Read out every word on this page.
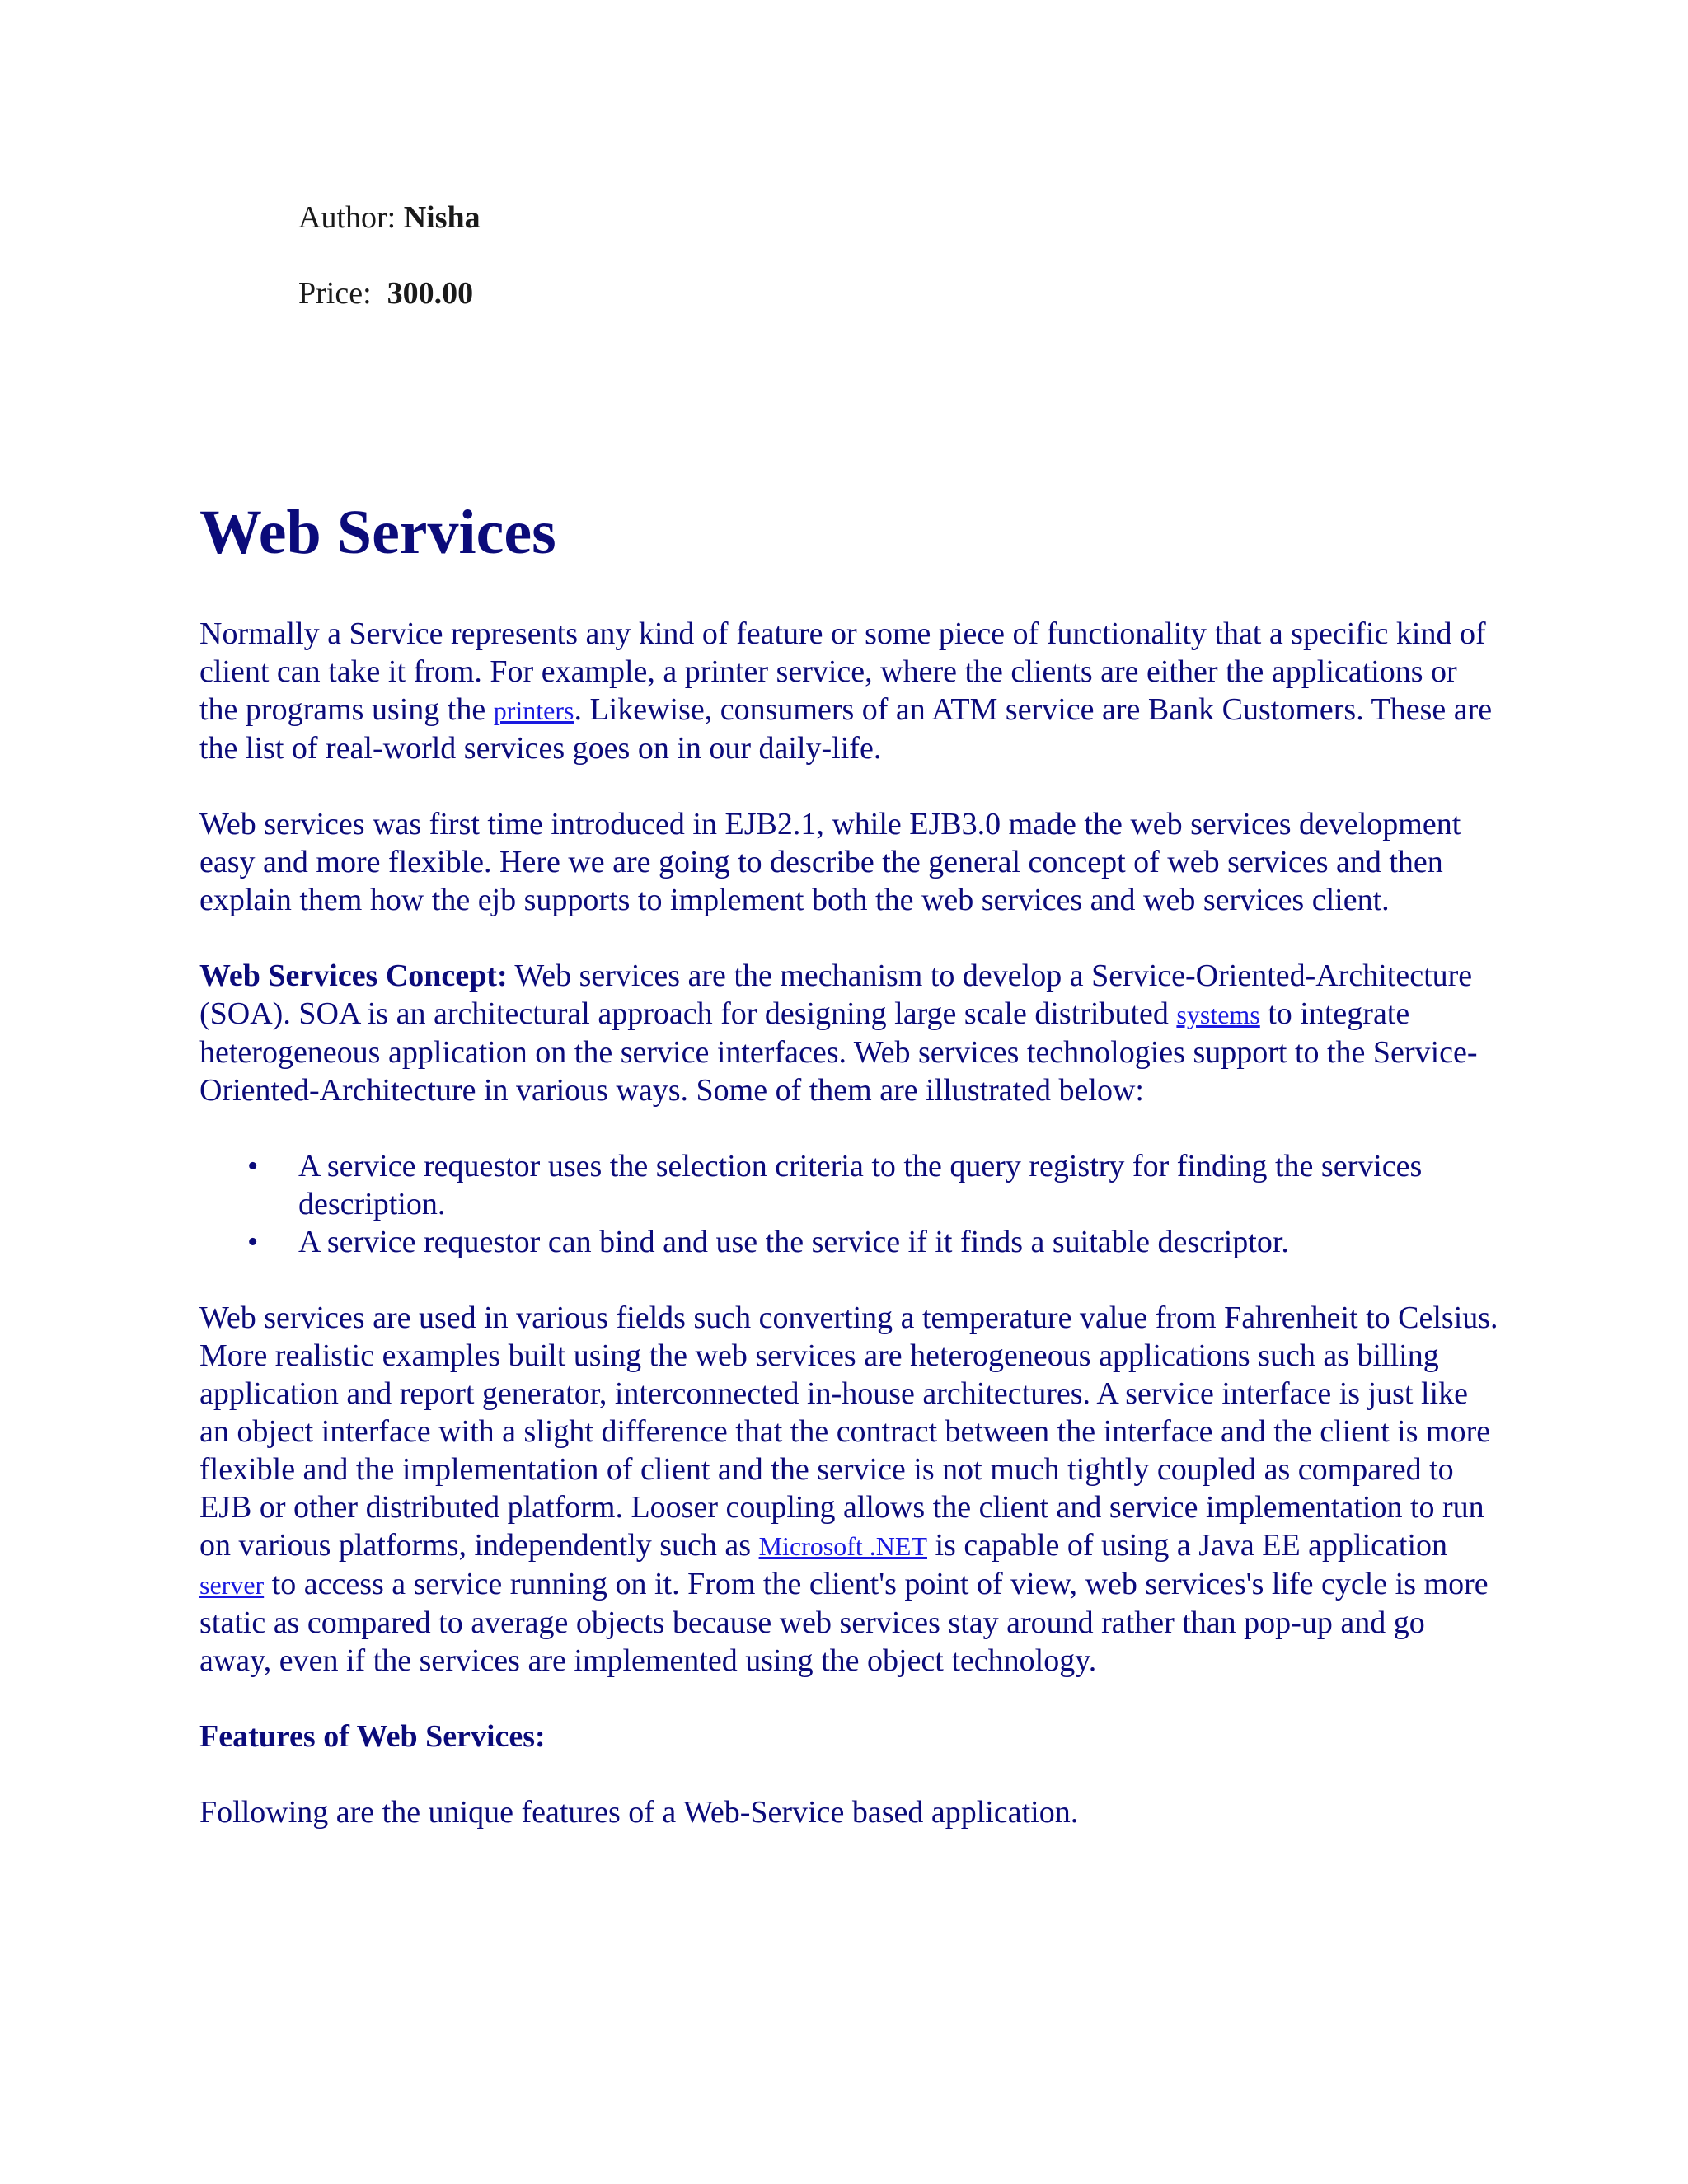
Author: Nisha

Price: 300.00

Web Services

Normally a Service represents any kind of feature or some piece of functionality that a specific kind of client can take it from. For example, a printer service, where the clients are either the applications or the programs using the printers. Likewise, consumers of an ATM service are Bank Customers. These are the list of real-world services goes on in our daily-life.

Web services was first time introduced in EJB2.1, while EJB3.0 made the web services development easy and more flexible. Here we are going to describe the general concept of web services and then explain them how the ejb supports to implement both the web services and web services client.

Web Services Concept: Web services are the mechanism to develop a Service-Oriented-Architecture (SOA). SOA is an architectural approach for designing large scale distributed systems to integrate heterogeneous application on the service interfaces. Web services technologies support to the Service-Oriented-Architecture in various ways. Some of them are illustrated below:

• A service requestor uses the selection criteria to the query registry for finding the services description.
• A service requestor can bind and use the service if it finds a suitable descriptor.

Web services are used in various fields such converting a temperature value from Fahrenheit to Celsius. More realistic examples built using the web services are heterogeneous applications such as billing application and report generator, interconnected in-house architectures. A service interface is just like an object interface with a slight difference that the contract between the interface and the client is more flexible and the implementation of client and the service is not much tightly coupled as compared to EJB or other distributed platform. Looser coupling allows the client and service implementation to run on various platforms, independently such as Microsoft .NET is capable of using a Java EE application server to access a service running on it. From the client's point of view, web services's life cycle is more static as compared to average objects because web services stay around rather than pop-up and go away, even if the services are implemented using the object technology.

Features of Web Services:

Following are the unique features of a Web-Service based application.
